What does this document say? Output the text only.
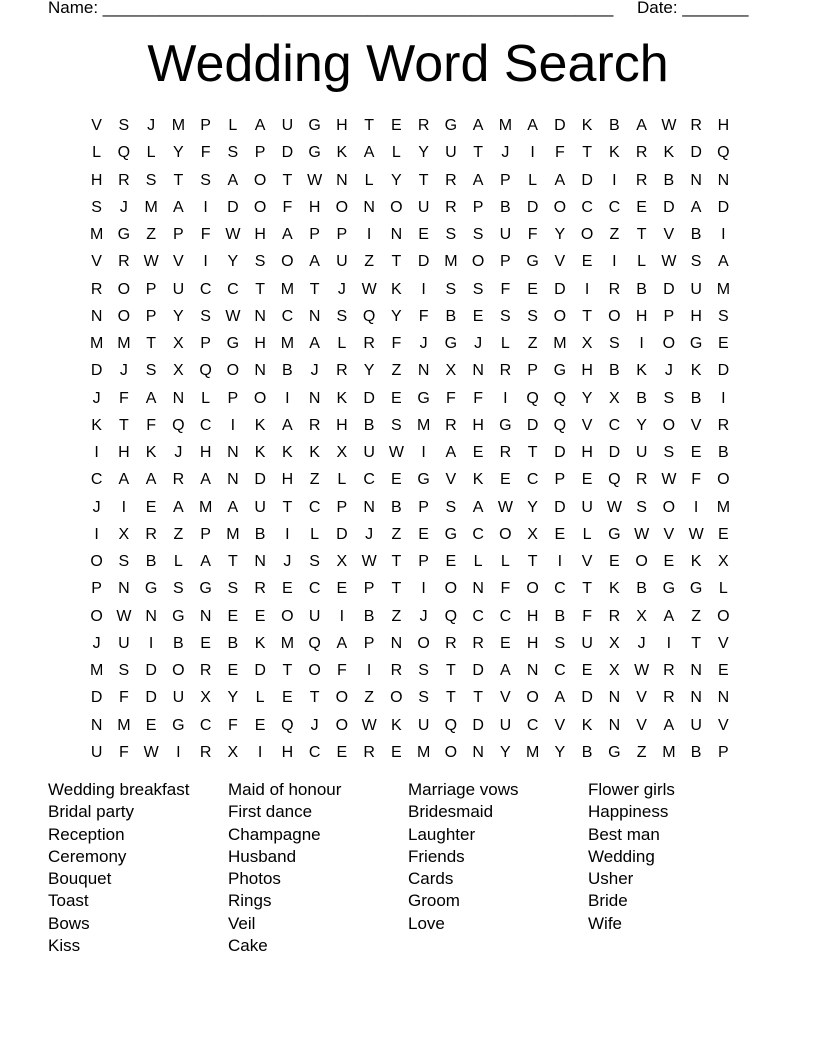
Name: ______________________________________________________     Date: _______
Wedding Word Search
V	S	J	M P	L	A	U G H	T	E	R G A M A	D	K	B	A W R H
L	Q	L	Y	F	S	P	D G K	A	L	Y	U	T	J	I	F	T	K	R	K	D Q
H R	S	T	S	A O	T W N	L	Y	T	R	A	P	L	A	D	I	R	B	N N
S	J	M A	I	D O	F	H O N O U R	P	B	D O C C	E	D	A	D
M G	Z	P	F W H	A	P	P	I	N	E	S	S	U	F	Y O	Z	T	V	B	I
V	R W V	I	Y	S O A	U	Z	T	D M O P G V	E	I	L W S	A
R O P	U C C	T M T	J W K	I	S	S	F	E	D	I	R	B	D U M
N O P	Y	S W N C N	S Q Y	F	B	E	S	S O	T	O H	P	H	S
M M T	X	P G H M A	L	R	F	J	G	J	L	Z M X	S	I	O G E
D	J	S	X Q O N	B	J	R	Y	Z	N	X	N R	P G H	B	K	J	K	D
J	F	A	N	L	P O	I	N	K	D	E G	F	F	I	Q Q Y	X	B	S	B	I
K	T	F	Q C	I	K	A	R H	B	S M R H G D Q V	C	Y O V	R
I	H	K	J	H N	K	K	K	X	U W	I	A	E	R	T	D H D U	S	E	B
C	A	A	R	A	N D H	Z	L	C	E G V	K	E	C	P	E Q R W F	O
J	I	E	A M A	U	T	C	P	N	B	P	S	A W Y	D U W S O	I	M
I	X	R	Z	P M B	I	L	D	J	Z	E G C O X	E	L	G W V W E
O S	B	L	A	T	N	J	S	X W T	P	E	L	L	T	I	V	E O E	K	X
P	N G S G S	R	E	C	E	P	T	I	O N	F	O C	T	K	B G G	L
O W N G N	E	E O U	I	B	Z	J	Q C C H	B	F	R	X	A	Z	O
J	U	I	B	E	B	K M Q A	P	N O R R	E	H	S	U	X	J	I	T	V
M S	D O R	E	D	T	O	F	I	R	S	T	D	A	N C	E	X W R N	E
D	F	D U	X	Y	L	E	T	O	Z	O S	T	T	V O A	D N	V	R N N
N M E G C	F	E Q	J	O W K	U Q D U C	V	K	N	V	A	U	V
U	F W	I	R	X	I	H C	E	R	E M O N	Y M Y	B G	Z M B	P
Wedding breakfast
Bridal party
Reception
Ceremony
Bouquet
Toast
Bows
Kiss
Maid of honour
First dance
Champagne
Husband
Photos
Rings
Veil
Cake
Marriage vows
Bridesmaid
Laughter
Friends
Cards
Groom
Love
Flower girls
Happiness
Best man
Wedding
Usher
Bride
Wife
